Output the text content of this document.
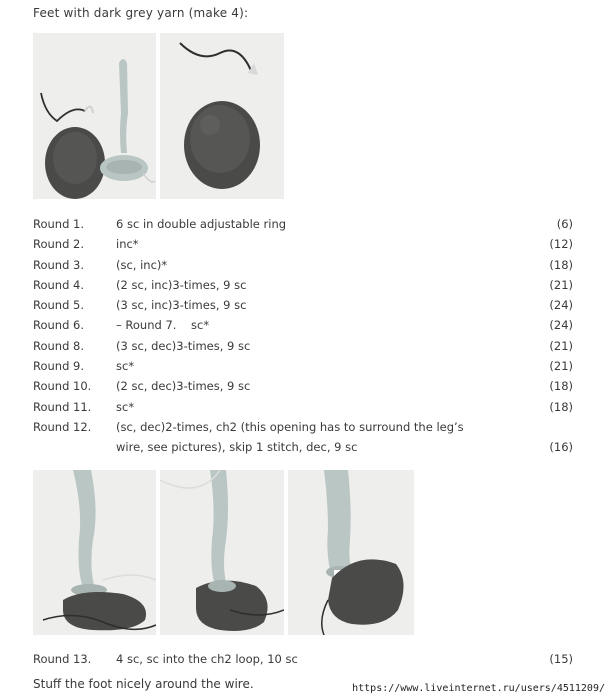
Feet with dark grey yarn (make 4):
Round 1.	6 sc in double adjustable ring	(6)
Round 2.	inc*	(12)
Round 3.	(sc, inc)*	(18)
Round 4.	(2 sc, inc)3-times, 9 sc	(21)
Round 5.	(3 sc, inc)3-times, 9 sc	(24)
Round 6.	– Round 7.    sc*	(24)
Round 8.	(3 sc, dec)3-times, 9 sc	(21)
Round 9.	sc*	(21)
Round 10.	(2 sc, dec)3-times, 9 sc	(18)
Round 11.	sc*	(18)
Round 12.	(sc, dec)2-times, ch2 (this opening has to surround the leg’s
wire, see pictures), skip 1 stitch, dec, 9 sc	(16)
Round 13. 4 sc, sc into the ch2 loop, 10 sc	(15)
Stuff the foot nicely around the wire.	https://www.liveinternet.ru/users/4511209/
